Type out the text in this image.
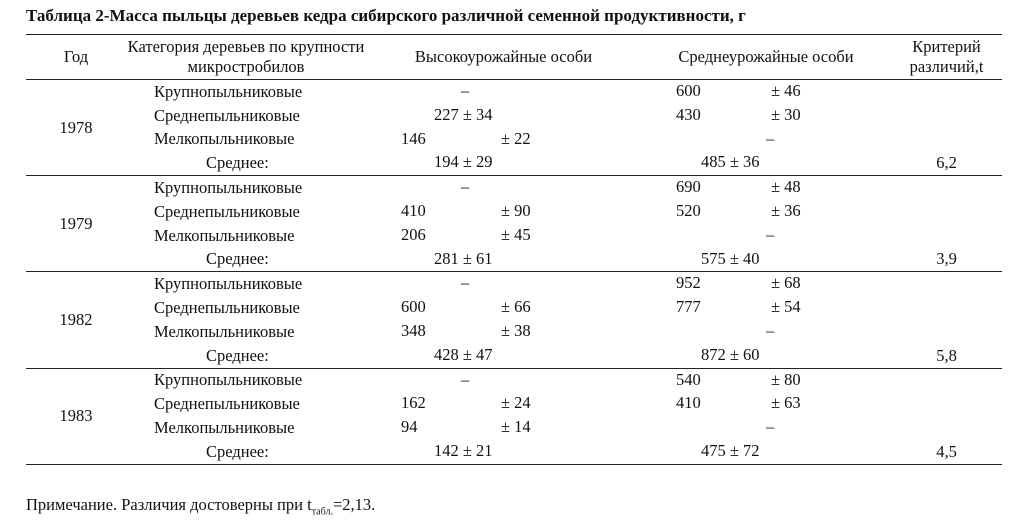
Таблица 2-Масса пыльцы деревьев кедра сибирского различной семенной продуктивности, г
Год	Категория деревьев по крупности микростробилов	Высокоурожайные особи	Среднеурожайные особи	Критерий различий,t
1978	Крупнопыльниковые	–	600 ± 46	

	Среднепыльниковые	227 ± 34	430 ± 30	

	Мелкопыльниковые	146 ± 22	–	

	Среднее:	194 ± 29	485 ± 36	6,2
1979	Крупнопыльниковые	–	690 ± 48	

	Среднепыльниковые	410 ± 90	520 ± 36	

	Мелкопыльниковые	206 ± 45	–	

	Среднее:	281 ± 61	575 ± 40	3,9
1982	Крупнопыльниковые	–	952 ± 68	

	Среднепыльниковые	600 ± 66	777 ± 54	

	Мелкопыльниковые	348 ± 38	–	

	Среднее:	428 ± 47	872 ± 60	5,8
1983	Крупнопыльниковые	–	540 ± 80	

	Среднепыльниковые	162 ± 24	410 ± 63	

	Мелкопыльниковые	94 ± 14	–	

	Среднее:	142 ± 21	475 ± 72	4,5
Примечание. Различия достоверны при $t_{табл.}=2,13$.
